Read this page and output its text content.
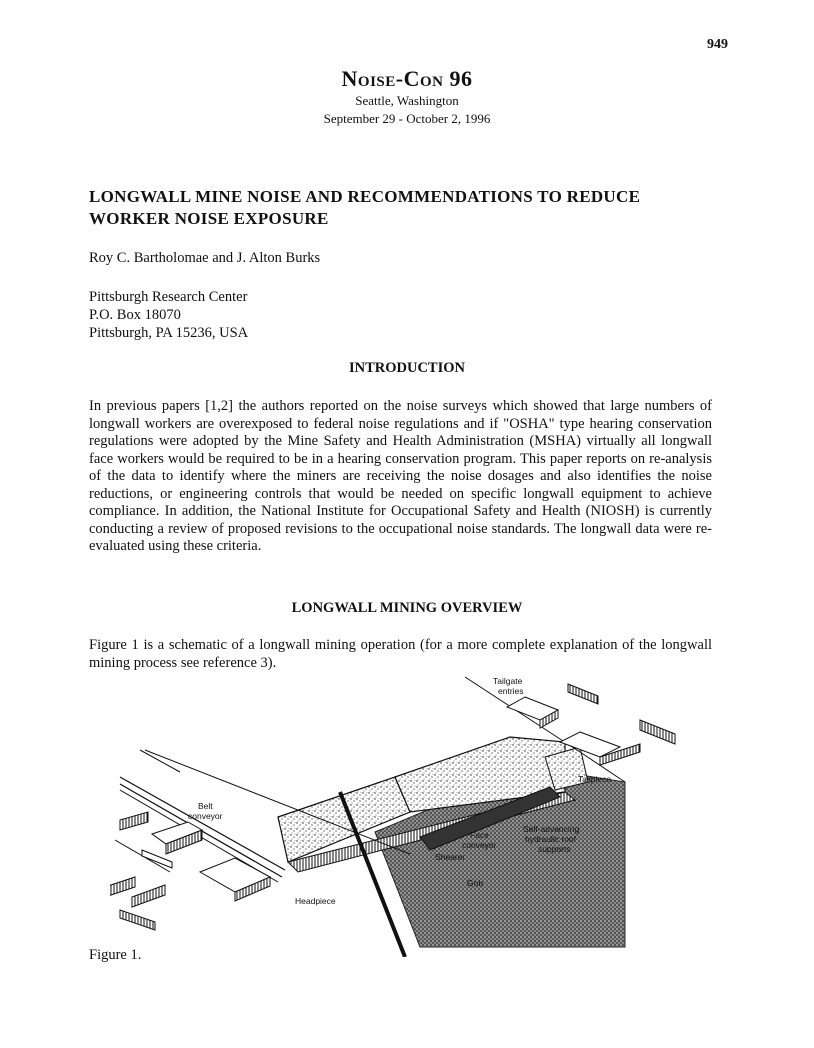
949
Noise-Con 96
Seattle, Washington
September 29 - October 2, 1996
LONGWALL MINE NOISE AND RECOMMENDATIONS TO REDUCE WORKER NOISE EXPOSURE
Roy C. Bartholomae and J. Alton Burks
Pittsburgh Research Center
P.O. Box 18070
Pittsburgh, PA 15236, USA
INTRODUCTION

In previous papers [1,2] the authors reported on the noise surveys which showed that large numbers of longwall workers are overexposed to federal noise regulations and if "OSHA" type hearing conservation regulations were adopted by the Mine Safety and Health Administration (MSHA) virtually all longwall face workers would be required to be in a hearing conservation program. This paper reports on re-analysis of the data to identify where the miners are receiving the noise dosages and also identifies the noise reductions, or engineering controls that would be needed on specific longwall equipment to achieve compliance. In addition, the National Institute for Occupational Safety and Health (NIOSH) is currently conducting a review of proposed revisions to the occupational noise standards. The longwall data were re-evaluated using these criteria.

LONGWALL MINING OVERVIEW

Figure 1 is a schematic of a longwall mining operation (for a more complete explanation of the longwall mining process see reference 3).

Tailgate
entries
Tailpiece
Belt
conveyor
Face
conveyor
Shearer
Self-advancing
hydraulic roof
supports
Gob
Headpiece
Figure 1.
